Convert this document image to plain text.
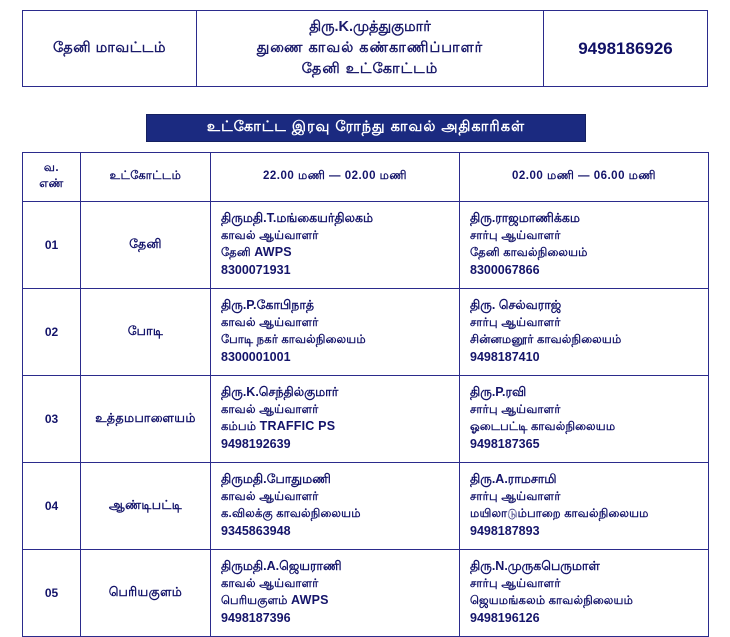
தேனி மாவட்டம்	
திரு.K.முத்துகுமார்
துணை காவல் கண்காணிப்பாளர்
தேனி உட்கோட்டம்
	9498186926
உட்கோட்ட இரவு ரோந்து காவல் அதிகாரிகள்
வ.
எண்	உட்கோட்டம்	22.00 மணி — 02.00 மணி	02.00 மணி — 06.00 மணி
01	தேனி	
திருமதி.T.மங்கையர்திலகம்
காவல் ஆய்வாளர்
தேனி AWPS
8300071931

திரு.ராஜமாணிக்கம
சார்பு ஆய்வாளர்
தேனி காவல்நிலையம்
8300067866

02	போடி	
திரு.P.கோபிநாத்
காவல் ஆய்வாளர்
போடி நகர் காவல்நிலையம்
8300001001

திரு. செல்வராஜ்
சார்பு ஆய்வாளர்
சின்னமனூர் காவல்நிலையம்
9498187410

03	உத்தமபாளையம்	
திரு.K.செந்தில்குமார்
காவல் ஆய்வாளர்
கம்பம் TRAFFIC PS
9498192639

திரு.P.ரவி
சார்பு ஆய்வாளர்
ஓடைபட்டி காவல்நிலையம
9498187365

04	ஆண்டிபட்டி	
திருமதி.போதுமணி
காவல் ஆய்வாளர்
க.விலக்கு காவல்நிலையம்
9345863948

திரு.A.ராமசாமி
சார்பு ஆய்வாளர்
மயிலாடும்பாறை காவல்நிலையம
9498187893

05	பெரியகுளம்	
திருமதி.A.ஜெயராணி
காவல் ஆய்வாளர்
பெரியகுளம் AWPS
9498187396

திரு.N.முருகபெருமாள்
சார்பு ஆய்வாளர்
ஜெயமங்கலம் காவல்நிலையம்
9498196126
